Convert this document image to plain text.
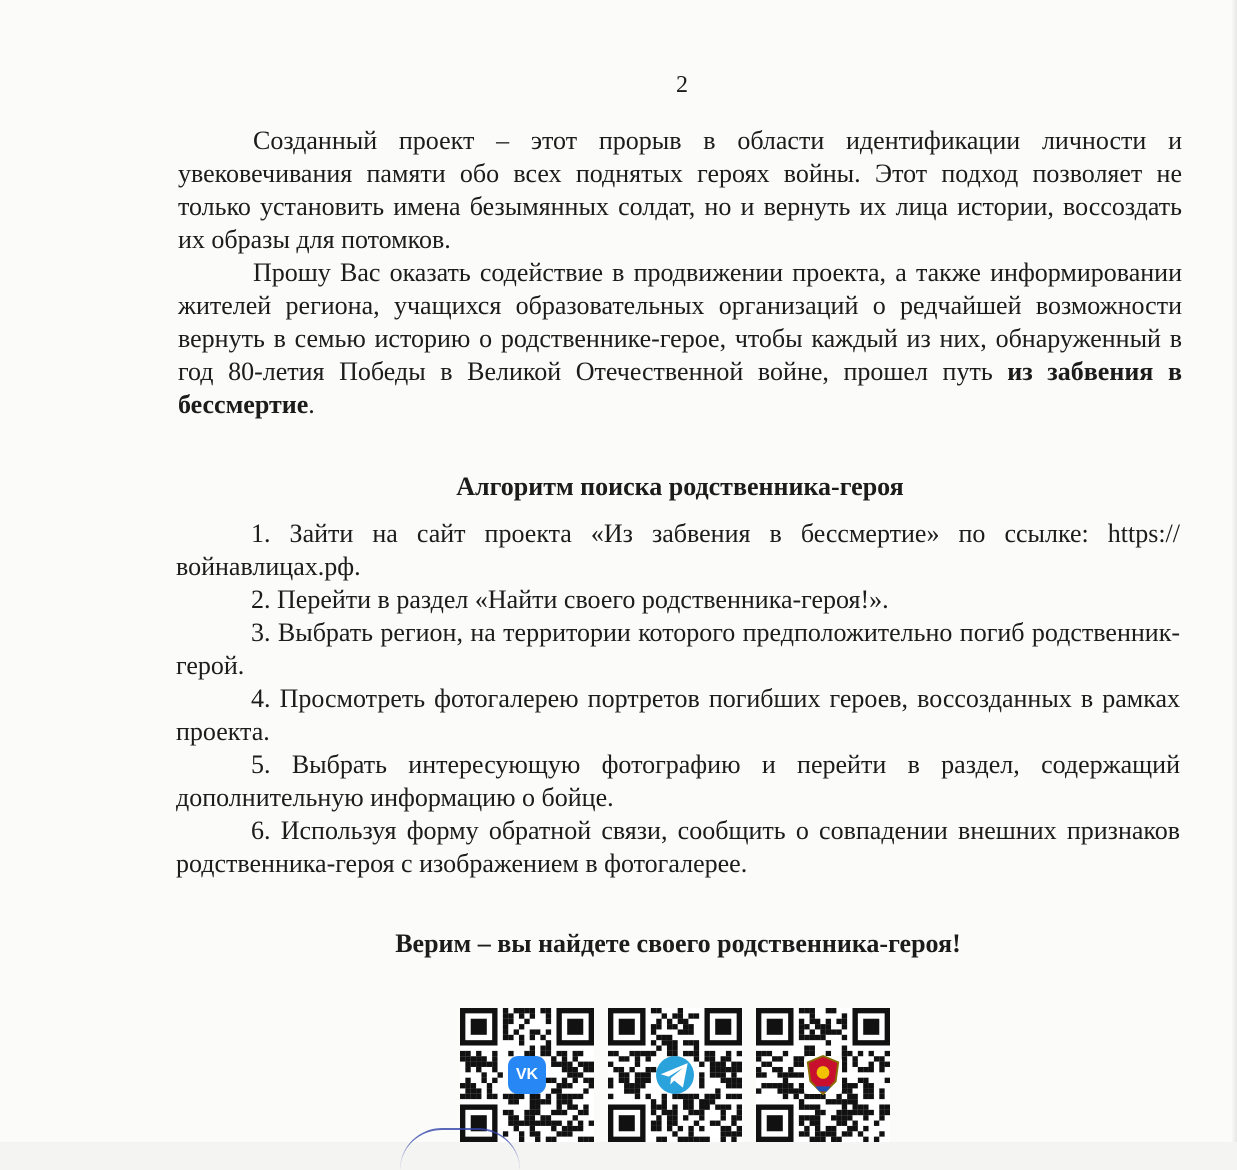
2

Созданный проект – этот прорыв в области идентификации личности и увековечивания памяти обо всех поднятых героях войны. Этот подход позволяет не только установить имена безымянных солдат, но и вернуть их лица истории, воссоздать их образы для потомков.

Прошу Вас оказать содействие в продвижении проекта, а также информировании жителей региона, учащихся образовательных организаций о редчайшей возможности вернуть в семью историю о родственнике-герое, чтобы каждый из них, обнаруженный в год 80-летия Победы в Великой Отечественной войне, прошел путь из забвения в бессмертие.

Алгоритм поиска родственника-героя

1. Зайти на сайт проекта «Из забвения в бессмертие» по ссылке: https://войнавлицах.рф.

2. Перейти в раздел «Найти своего родственника-героя!».

3. Выбрать регион, на территории которого предположительно погиб родственник-герой.

4. Просмотреть фотогалерею портретов погибших героев, воссозданных в рамках проекта.

5. Выбрать интересующую фотографию и перейти в раздел, содержащий дополнительную информацию о бойце.

6. Используя форму обратной связи, сообщить о совпадении внешних признаков родственника-героя с изображением в фотогалерее.

Верим – вы найдете своего родственника-героя!
VK
